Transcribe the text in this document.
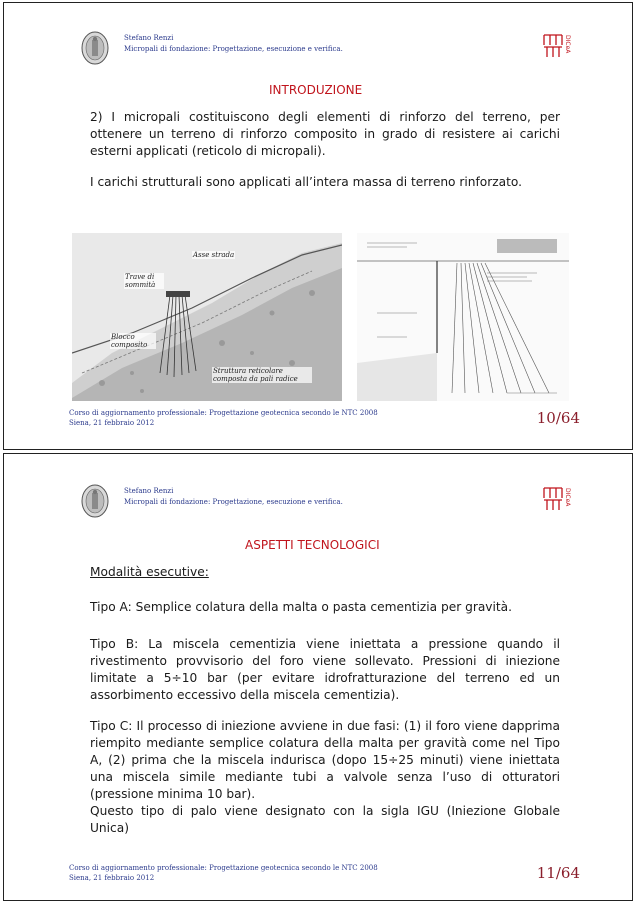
Stefano Renzi
Micropali di fondazione: Progettazione, esecuzione e verifica.	DICeA
INTRODUZIONE
2) I micropali costituiscono degli elementi di rinforzo del terreno, per ottenere un terreno di rinforzo composito in grado di resistere ai carichi esterni applicati (reticolo di micropali).
I carichi strutturali sono applicati all’intera massa di terreno rinforzato.
Trave di sommità
Asse strada
Blocco composito
Struttura reticolare composta da pali radice
Corso di aggiornamento professionale: Progettazione geotecnica secondo le NTC 2008
Siena, 21 febbraio 2012	10/64
Stefano Renzi
Micropali di fondazione: Progettazione, esecuzione e verifica.	DICeA
ASPETTI TECNOLOGICI
Modalità esecutive:
Tipo A: Semplice colatura della malta o pasta cementizia per gravità.
Tipo B: La miscela cementizia viene iniettata a pressione quando il rivestimento provvisorio del foro viene sollevato. Pressioni di iniezione limitate a 5÷10 bar (per evitare idrofratturazione del terreno ed un assorbimento eccessivo della miscela cementizia).
Tipo C: Il processo di iniezione avviene in due fasi: (1) il foro viene dapprima riempito mediante semplice colatura della malta per gravità come nel Tipo A, (2) prima che la miscela indurisca (dopo 15÷25 minuti) viene iniettata una miscela simile mediante tubi a valvole senza l’uso di otturatori (pressione minima 10 bar).
Questo tipo di palo viene designato con la sigla IGU (Iniezione Globale Unica)
Corso di aggiornamento professionale: Progettazione geotecnica secondo le NTC 2008
Siena, 21 febbraio 2012	11/64
